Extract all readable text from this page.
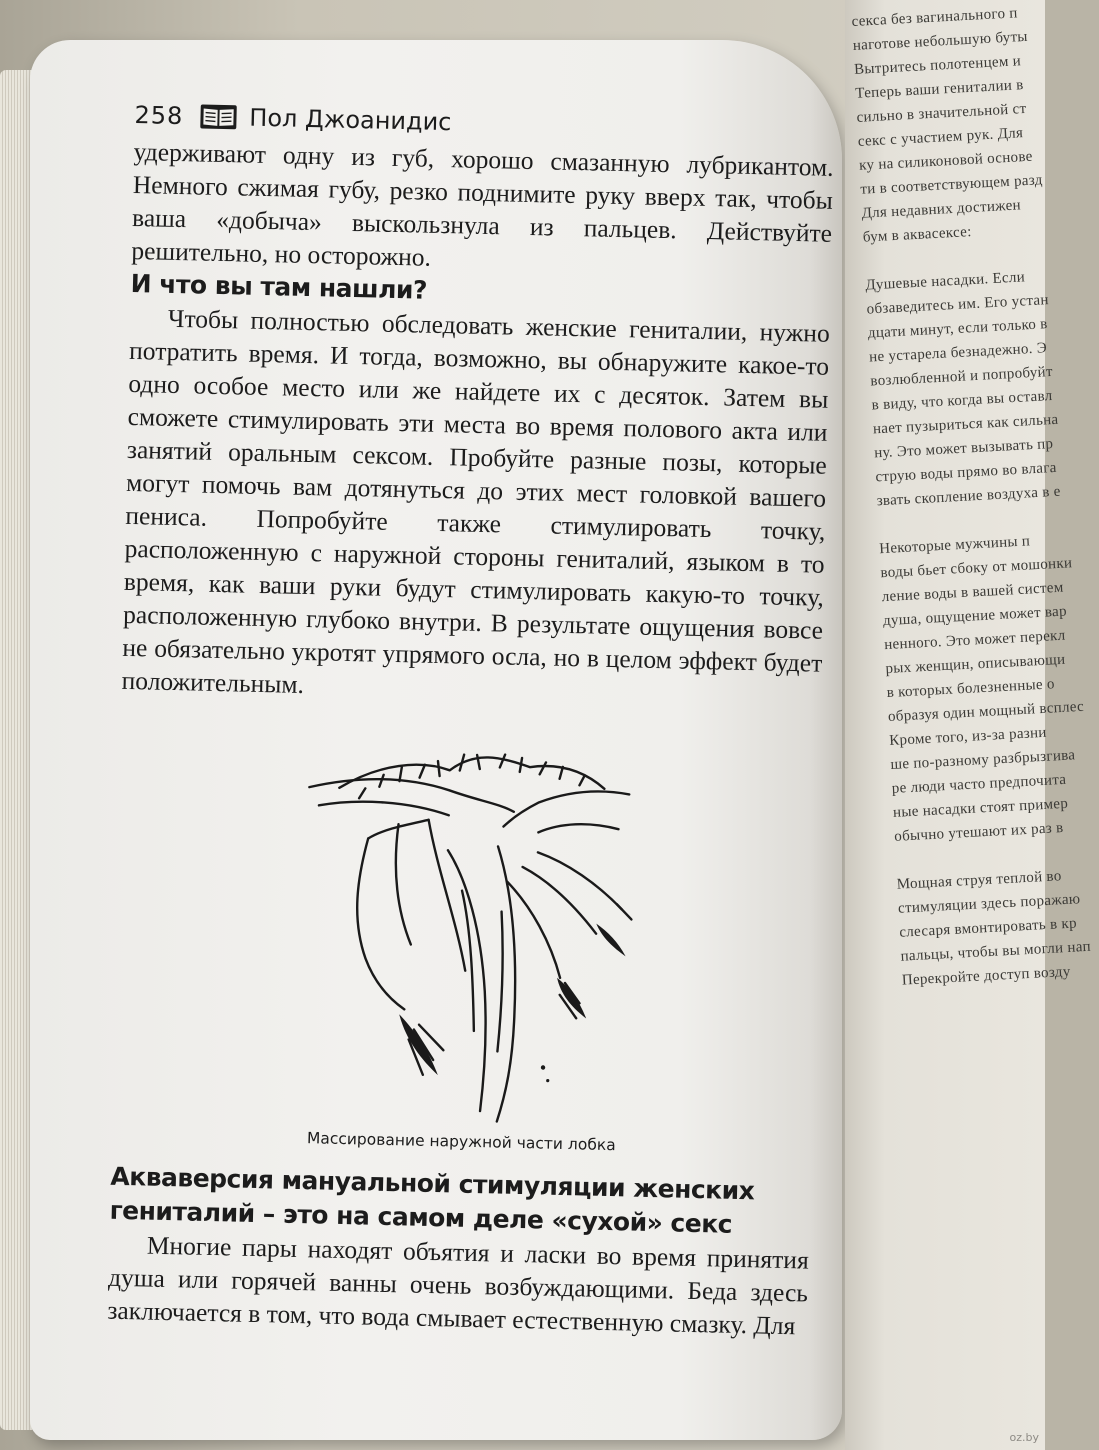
258	Пол Джоанидис

удерживают одну из губ, хорошо смазанную лубрикантом. Немного сжимая губу, резко поднимите руку вверх так, чтобы ваша «добыча» выскользнула из пальцев. Действуйте решительно, но осторожно.

И что вы там нашли?

Чтобы полностью обследовать женские гениталии, нужно потратить время. И тогда, возможно, вы обнаружите какое-то одно особое место или же найдете их с десяток. Затем вы сможете стимулировать эти места во время полового акта или занятий оральным сексом. Пробуйте разные позы, которые могут помочь вам дотянуться до этих мест головкой вашего пениса. Попробуйте также стимулировать точку, расположенную с наружной стороны гениталий, языком в то время, как ваши руки будут стимулировать какую-то точку, расположенную глубоко внутри. В результате ощущения вовсе не обязательно укротят упрямого осла, но в целом эффект будет положительным.

Массирование наружной части лобка
Акваверсия мануальной стимуляции женских гениталий – это на самом деле «сухой» секс

Многие пары находят объятия и ласки во время принятия душа или горячей ванны очень возбуждающими. Беда здесь заключается в том, что вода смывает естественную смазку. Для

секса без вагинального п
наготове небольшую буты
Вытритесь полотенцем и
Теперь ваши гениталии в
сильно в значительной ст
секс с участием рук. Для
ку на силиконовой основе
ти в соответствующем разд
Для недавних достижен
бум в аквасексе:

Душевые насадки. Если
обзаведитесь им. Его устан
дцати минут, если только в
не устарела безнадежно. Э
возлюбленной и попробуйт
в виду, что когда вы оставл
нает пузыриться как сильна
ну. Это может вызывать пр
струю воды прямо во влага
звать скопление воздуха в е

Некоторые мужчины п
воды бьет сбоку от мошонки
ление воды в вашей систем
душа, ощущение может вар
ненного. Это может перекл
рых женщин, описывающи
в которых болезненные о
образуя один мощный всплес
Кроме того, из-за разни
ше по-разному разбрызгива
ре люди часто предпочита
ные насадки стоят пример
обычно утешают их раз в

Мощная струя теплой во
стимуляции здесь поражаю
слесаря вмонтировать в кр
пальцы, чтобы вы могли нап
Перекройте доступ возду
oz.by
